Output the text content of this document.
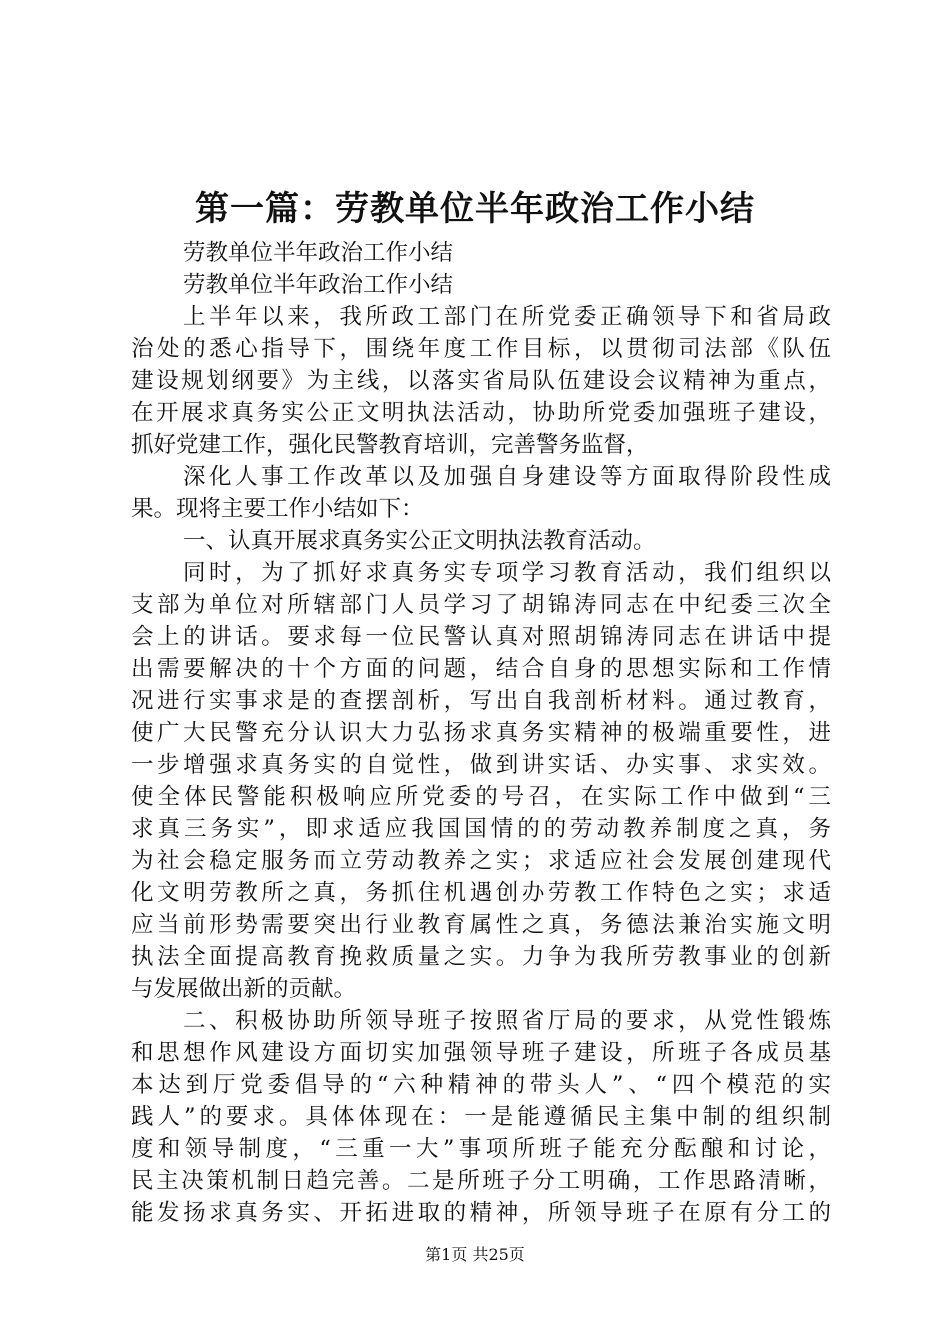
第一篇：劳教单位半年政治工作小结
劳教单位半年政治工作小结
劳教单位半年政治工作小结
上半年以来，我所政工部门在所党委正确领导下和省局政
治处的悉心指导下，围绕年度工作目标，以贯彻司法部《队伍
建设规划纲要》为主线，以落实省局队伍建设会议精神为重点，
在开展求真务实公正文明执法活动，协助所党委加强班子建设，
抓好党建工作，强化民警教育培训，完善警务监督，
深化人事工作改革以及加强自身建设等方面取得阶段性成
果。现将主要工作小结如下：
一、认真开展求真务实公正文明执法教育活动。
同时，为了抓好求真务实专项学习教育活动，我们组织以
支部为单位对所辖部门人员学习了胡锦涛同志在中纪委三次全
会上的讲话。要求每一位民警认真对照胡锦涛同志在讲话中提
出需要解决的十个方面的问题，结合自身的思想实际和工作情
况进行实事求是的查摆剖析，写出自我剖析材料。通过教育，
使广大民警充分认识大力弘扬求真务实精神的极端重要性，进
一步增强求真务实的自觉性，做到讲实话、办实事、求实效。
使全体民警能积极响应所党委的号召，在实际工作中做到“三
求真三务实”，即求适应我国国情的的劳动教养制度之真，务
为社会稳定服务而立劳动教养之实；求适应社会发展创建现代
化文明劳教所之真，务抓住机遇创办劳教工作特色之实；求适
应当前形势需要突出行业教育属性之真，务德法兼治实施文明
执法全面提高教育挽救质量之实。力争为我所劳教事业的创新
与发展做出新的贡献。
二、积极协助所领导班子按照省厅局的要求，从党性锻炼
和思想作风建设方面切实加强领导班子建设，所班子各成员基
本达到厅党委倡导的“六种精神的带头人”、“四个模范的实
践人”的要求。具体体现在：一是能遵循民主集中制的组织制
度和领导制度，“三重一大”事项所班子能充分酝酿和讨论，
民主决策机制日趋完善。二是所班子分工明确，工作思路清晰，
能发扬求真务实、开拓进取的精神，所领导班子在原有分工的
第1页 共25页
